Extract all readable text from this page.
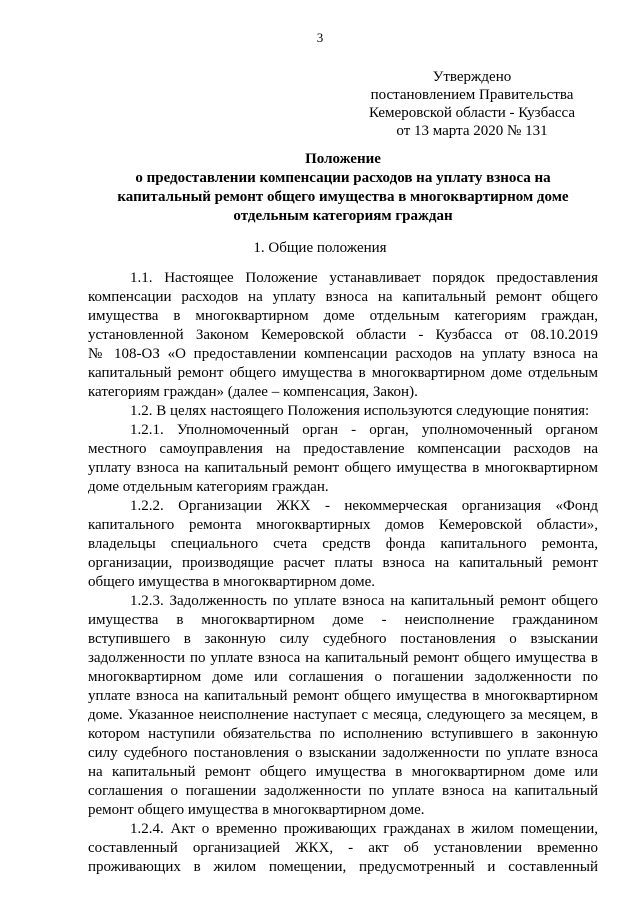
3
Утверждено
постановлением Правительства
Кемеровской области - Кузбасса
от 13 марта 2020 № 131
Положение
о предоставлении компенсации расходов на уплату взноса на
капитальный ремонт общего имущества в многоквартирном доме
отдельным категориям граждан
1. Общие положения
1.1. Настоящее Положение устанавливает порядок предоставления
компенсации расходов на уплату взноса на капитальный ремонт общего
имущества в многоквартирном доме отдельным категориям граждан,
установленной Законом Кемеровской области - Кузбасса от 08.10.2019
№ 108-ОЗ «О предоставлении компенсации расходов на уплату взноса на
капитальный ремонт общего имущества в многоквартирном доме отдельным
категориям граждан» (далее – компенсация, Закон).
1.2. В целях настоящего Положения используются следующие понятия:
1.2.1. Уполномоченный орган - орган, уполномоченный органом
местного самоуправления на предоставление компенсации расходов на
уплату взноса на капитальный ремонт общего имущества в многоквартирном
доме отдельным категориям граждан.
1.2.2. Организации ЖКХ - некоммерческая организация «Фонд
капитального ремонта многоквартирных домов Кемеровской области»,
владельцы специального счета средств фонда капитального ремонта,
организации, производящие расчет платы взноса на капитальный ремонт
общего имущества в многоквартирном доме.
1.2.3. Задолженность по уплате взноса на капитальный ремонт общего
имущества в многоквартирном доме - неисполнение гражданином
вступившего в законную силу судебного постановления о взыскании
задолженности по уплате взноса на капитальный ремонт общего имущества в
многоквартирном доме или соглашения о погашении задолженности по
уплате взноса на капитальный ремонт общего имущества в многоквартирном
доме. Указанное неисполнение наступает с месяца, следующего за месяцем, в
котором наступили обязательства по исполнению вступившего в законную
силу судебного постановления о взыскании задолженности по уплате взноса
на капитальный ремонт общего имущества в многоквартирном доме или
соглашения о погашении задолженности по уплате взноса на капитальный
ремонт общего имущества в многоквартирном доме.
1.2.4. Акт о временно проживающих гражданах в жилом помещении,
составленный организацией ЖКХ, - акт об установлении временно
проживающих в жилом помещении, предусмотренный и составленный
